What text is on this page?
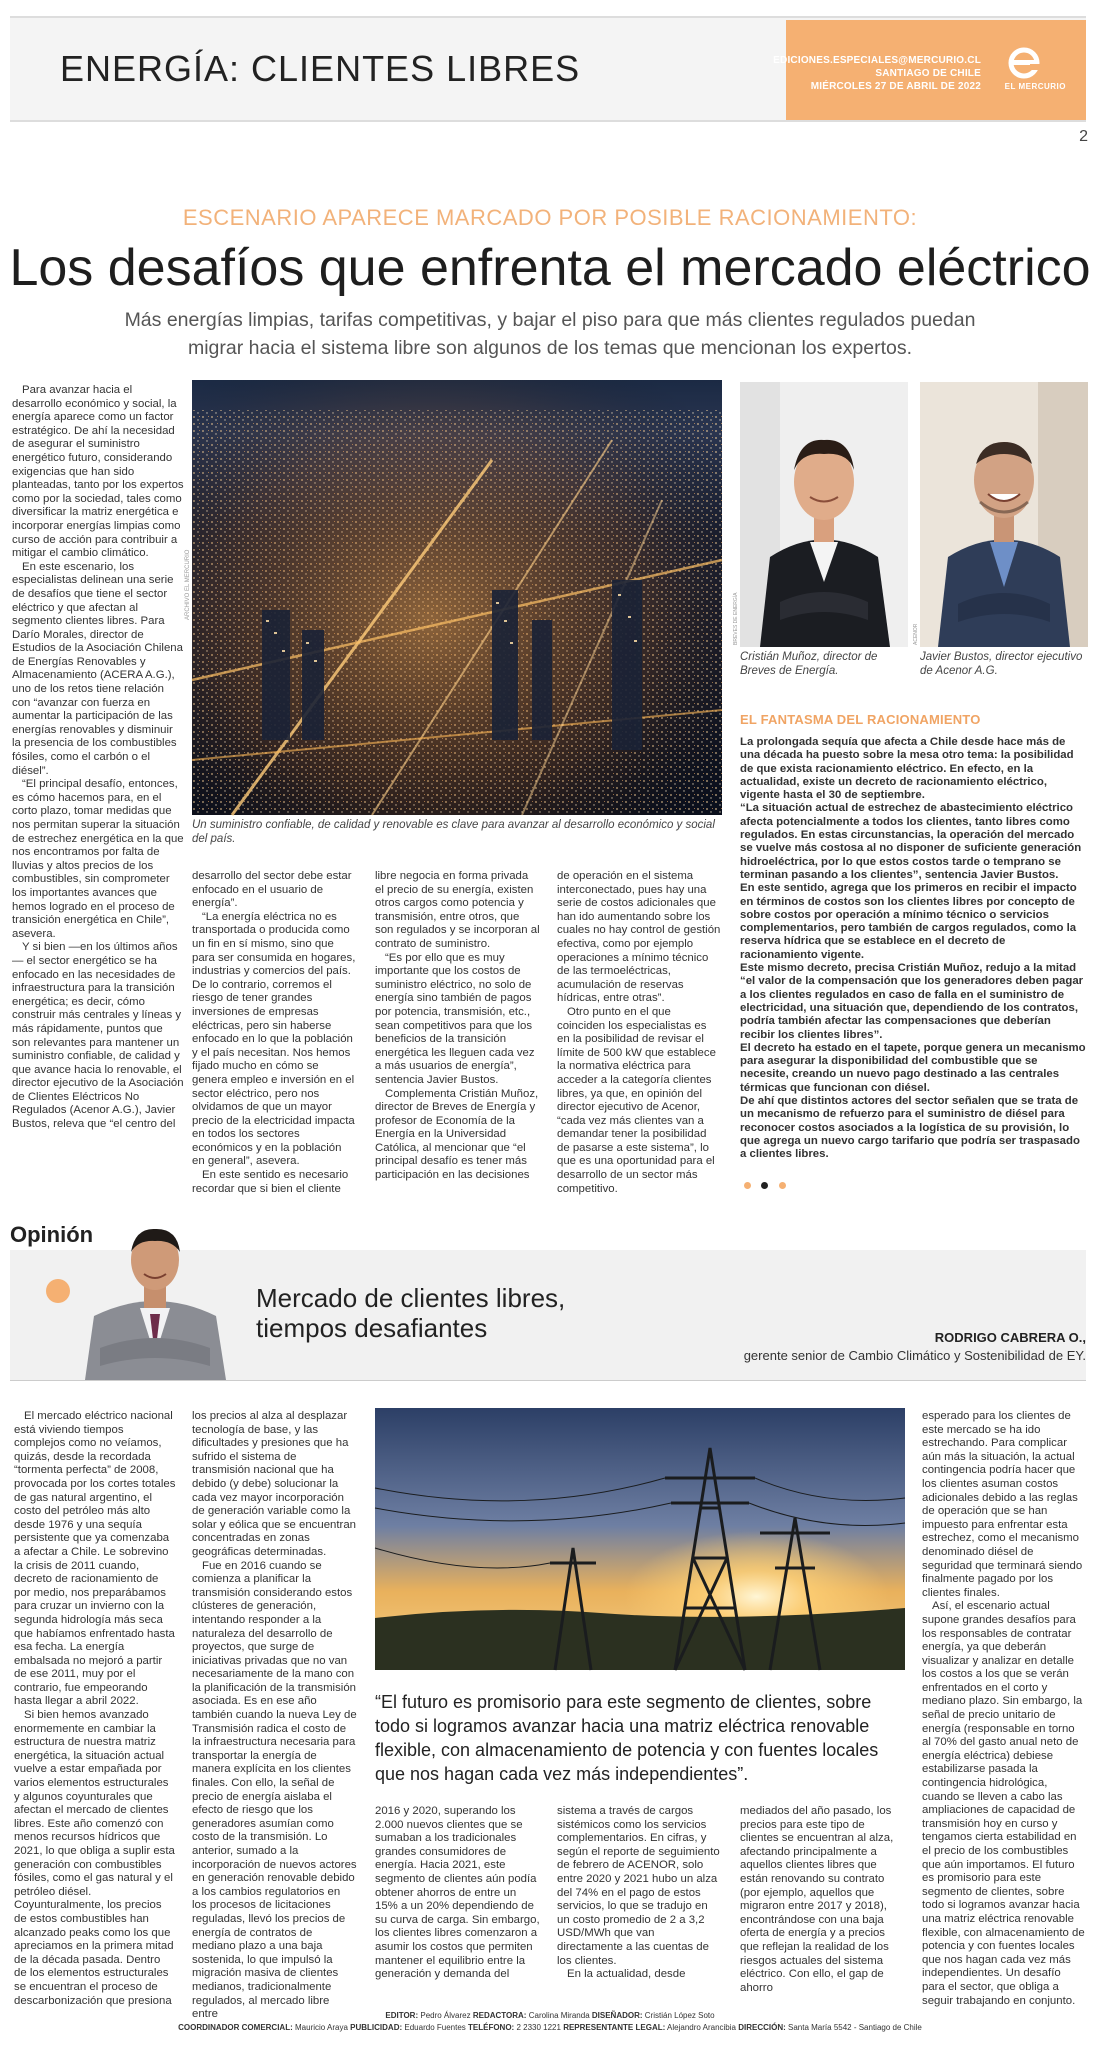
ENERGÍA: CLIENTES LIBRES	EDICIONES.ESPECIALES@MERCURIO.CL
SANTIAGO DE CHILE
MIÉRCOLES 27 DE ABRIL DE 2022	EL MERCURIO
2
ESCENARIO APARECE MARCADO POR POSIBLE RACIONAMIENTO:
Los desafíos que enfrenta el mercado eléctrico
Más energías limpias, tarifas competitivas, y bajar el piso para que más clientes regulados puedan migrar hacia el sistema libre son algunos de los temas que mencionan los expertos.

Para avanzar hacia el desarrollo económico y social, la energía aparece como un factor estratégico. De ahí la necesidad de asegurar el suministro energético futuro, considerando exigencias que han sido planteadas, tanto por los expertos como por la sociedad, tales como diversificar la matriz energética e incorporar energías limpias como curso de acción para contribuir a mitigar el cambio climático.

En este escenario, los especialistas delinean una serie de desafíos que tiene el sector eléctrico y que afectan al segmento clientes libres. Para Darío Morales, director de Estudios de la Asociación Chilena de Energías Renovables y Almacenamiento (ACERA A.G.), uno de los retos tiene relación con “avanzar con fuerza en aumentar la participación de las energías renovables y disminuir la presencia de los combustibles fósiles, como el carbón o el diésel”.

“El principal desafío, entonces, es cómo hacemos para, en el corto plazo, tomar medidas que nos permitan superar la situación de estrechez energética en la que nos encontramos por falta de lluvias y altos precios de los combustibles, sin comprometer los importantes avances que hemos logrado en el proceso de transición energética en Chile”, asevera.

Y si bien —en los últimos años— el sector energético se ha enfocado en las necesidades de infraestructura para la transición energética; es decir, cómo construir más centrales y líneas y más rápidamente, puntos que son relevantes para mantener un suministro confiable, de calidad y que avance hacia lo renovable, el director ejecutivo de la Asociación de Clientes Eléctricos No Regulados (Acenor A.G.), Javier Bustos, releva que “el centro del

ARCHIVO EL MERCURIO
Un suministro confiable, de calidad y renovable es clave para avanzar al desarrollo económico y social del país.

desarrollo del sector debe estar enfocado en el usuario de energía”.

“La energía eléctrica no es transportada o producida como un fin en sí mismo, sino que para ser consumida en hogares, industrias y comercios del país. De lo contrario, corremos el riesgo de tener grandes inversiones de empresas eléctricas, pero sin haberse enfocado en lo que la población y el país necesitan. Nos hemos fijado mucho en cómo se genera empleo e inversión en el sector eléctrico, pero nos olvidamos de que un mayor precio de la electricidad impacta en todos los sectores económicos y en la población en general”, asevera.

En este sentido es necesario recordar que si bien el cliente

libre negocia en forma privada el precio de su energía, existen otros cargos como potencia y transmisión, entre otros, que son regulados y se incorporan al contrato de suministro.

“Es por ello que es muy importante que los costos de suministro eléctrico, no solo de energía sino también de pagos por potencia, transmisión, etc., sean competitivos para que los beneficios de la transición energética les lleguen cada vez a más usuarios de energía”, sentencia Javier Bustos.

Complementa Cristián Muñoz, director de Breves de Energía y profesor de Economía de la Energía en la Universidad Católica, al mencionar que “el principal desafío es tener más participación en las decisiones

de operación en el sistema interconectado, pues hay una serie de costos adicionales que han ido aumentando sobre los cuales no hay control de gestión efectiva, como por ejemplo operaciones a mínimo técnico de las termoeléctricas, acumulación de reservas hídricas, entre otras”.

Otro punto en el que coinciden los especialistas es en la posibilidad de revisar el límite de 500 kW que establece la normativa eléctrica para acceder a la categoría clientes libres, ya que, en opinión del director ejecutivo de Acenor, “cada vez más clientes van a demandar tener la posibilidad de pasarse a este sistema”, lo que es una oportunidad para el desarrollo de un sector más competitivo.

BREVES DE ENERGÍA
Cristián Muñoz, director de Breves de Energía.
ACENOR
Javier Bustos, director ejecutivo de Acenor A.G.
EL FANTASMA DEL RACIONAMIENTO

La prolongada sequía que afecta a Chile desde hace más de una década ha puesto sobre la mesa otro tema: la posibilidad de que exista racionamiento eléctrico. En efecto, en la actualidad, existe un decreto de racionamiento eléctrico, vigente hasta el 30 de septiembre.

“La situación actual de estrechez de abastecimiento eléctrico afecta potencialmente a todos los clientes, tanto libres como regulados. En estas circunstancias, la operación del mercado se vuelve más costosa al no disponer de suficiente generación hidroeléctrica, por lo que estos costos tarde o temprano se terminan pasando a los clientes”, sentencia Javier Bustos.

En este sentido, agrega que los primeros en recibir el impacto en términos de costos son los clientes libres por concepto de sobre costos por operación a mínimo técnico o servicios complementarios, pero también de cargos regulados, como la reserva hídrica que se establece en el decreto de racionamiento vigente.

Este mismo decreto, precisa Cristián Muñoz, redujo a la mitad “el valor de la compensación que los generadores deben pagar a los clientes regulados en caso de falla en el suministro de electricidad, una situación que, dependiendo de los contratos, podría también afectar las compensaciones que deberían recibir los clientes libres”.

El decreto ha estado en el tapete, porque genera un mecanismo para asegurar la disponibilidad del combustible que se necesite, creando un nuevo pago destinado a las centrales térmicas que funcionan con diésel.

De ahí que distintos actores del sector señalen que se trata de un mecanismo de refuerzo para el suministro de diésel para reconocer costos asociados a la logística de su provisión, lo que agrega un nuevo cargo tarifario que podría ser traspasado a clientes libres.

Opinión
Mercado de clientes libres,
tiempos desafiantes	RODRIGO CABRERA O.,
gerente senior de Cambio Climático y Sostenibilidad de EY.

El mercado eléctrico nacional está viviendo tiempos complejos como no veíamos, quizás, desde la recordada “tormenta perfecta” de 2008, provocada por los cortes totales de gas natural argentino, el costo del petróleo más alto desde 1976 y una sequía persistente que ya comenzaba a afectar a Chile. Le sobrevino la crisis de 2011 cuando, decreto de racionamiento de por medio, nos preparábamos para cruzar un invierno con la segunda hidrología más seca que habíamos enfrentado hasta esa fecha. La energía embalsada no mejoró a partir de ese 2011, muy por el contrario, fue empeorando hasta llegar a abril 2022.

Si bien hemos avanzado enormemente en cambiar la estructura de nuestra matriz energética, la situación actual vuelve a estar empañada por varios elementos estructurales y algunos coyunturales que afectan el mercado de clientes libres. Este año comenzó con menos recursos hídricos que 2021, lo que obliga a suplir esta generación con combustibles fósiles, como el gas natural y el petróleo diésel. Coyunturalmente, los precios de estos combustibles han alcanzado peaks como los que apreciamos en la primera mitad de la década pasada. Dentro de los elementos estructurales se encuentran el proceso de descarbonización que presiona

los precios al alza al desplazar tecnología de base, y las dificultades y presiones que ha sufrido el sistema de transmisión nacional que ha debido (y debe) solucionar la cada vez mayor incorporación de generación variable como la solar y eólica que se encuentran concentradas en zonas geográficas determinadas.

Fue en 2016 cuando se comienza a planificar la transmisión considerando estos clústeres de generación, intentando responder a la naturaleza del desarrollo de proyectos, que surge de iniciativas privadas que no van necesariamente de la mano con la planificación de la transmisión asociada. Es en ese año también cuando la nueva Ley de Transmisión radica el costo de la infraestructura necesaria para transportar la energía de manera explícita en los clientes finales. Con ello, la señal de precio de energía aislaba el efecto de riesgo que los generadores asumían como costo de la transmisión. Lo anterior, sumado a la incorporación de nuevos actores en generación renovable debido a los cambios regulatorios en los procesos de licitaciones reguladas, llevó los precios de energía de contratos de mediano plazo a una baja sostenida, lo que impulsó la migración masiva de clientes medianos, tradicionalmente regulados, al mercado libre entre

“El futuro es promisorio para este segmento de clientes, sobre todo si logramos avanzar hacia una matriz eléctrica renovable flexible, con almacenamiento de potencia y con fuentes locales que nos hagan cada vez más independientes”.

2016 y 2020, superando los 2.000 nuevos clientes que se sumaban a los tradicionales grandes consumidores de energía. Hacia 2021, este segmento de clientes aún podía obtener ahorros de entre un 15% a un 20% dependiendo de su curva de carga. Sin embargo, los clientes libres comenzaron a asumir los costos que permiten mantener el equilibrio entre la generación y demanda del

sistema a través de cargos sistémicos como los servicios complementarios. En cifras, y según el reporte de seguimiento de febrero de ACENOR, solo entre 2020 y 2021 hubo un alza del 74% en el pago de estos servicios, lo que se tradujo en un costo promedio de 2 a 3,2 USD/MWh que van directamente a las cuentas de los clientes.

En la actualidad, desde

mediados del año pasado, los precios para este tipo de clientes se encuentran al alza, afectando principalmente a aquellos clientes libres que están renovando su contrato (por ejemplo, aquellos que migraron entre 2017 y 2018), encontrándose con una baja oferta de energía y a precios que reflejan la realidad de los riesgos actuales del sistema eléctrico. Con ello, el gap de ahorro

esperado para los clientes de este mercado se ha ido estrechando. Para complicar aún más la situación, la actual contingencia podría hacer que los clientes asuman costos adicionales debido a las reglas de operación que se han impuesto para enfrentar esta estrechez, como el mecanismo denominado diésel de seguridad que terminará siendo finalmente pagado por los clientes finales.

Así, el escenario actual supone grandes desafíos para los responsables de contratar energía, ya que deberán visualizar y analizar en detalle los costos a los que se verán enfrentados en el corto y mediano plazo. Sin embargo, la señal de precio unitario de energía (responsable en torno al 70% del gasto anual neto de energía eléctrica) debiese estabilizarse pasada la contingencia hidrológica, cuando se lleven a cabo las ampliaciones de capacidad de transmisión hoy en curso y tengamos cierta estabilidad en el precio de los combustibles que aún importamos. El futuro es promisorio para este segmento de clientes, sobre todo si logramos avanzar hacia una matriz eléctrica renovable flexible, con almacenamiento de potencia y con fuentes locales que nos hagan cada vez más independientes. Un desafío para el sector, que obliga a seguir trabajando en conjunto.

EDITOR: Pedro Álvarez REDACTORA: Carolina Miranda DISEÑADOR: Cristián López Soto
COORDINADOR COMERCIAL: Mauricio Araya PUBLICIDAD: Eduardo Fuentes TELÉFONO: 2 2330 1221 REPRESENTANTE LEGAL: Alejandro Arancibia DIRECCIÓN: Santa María 5542 - Santiago de Chile
